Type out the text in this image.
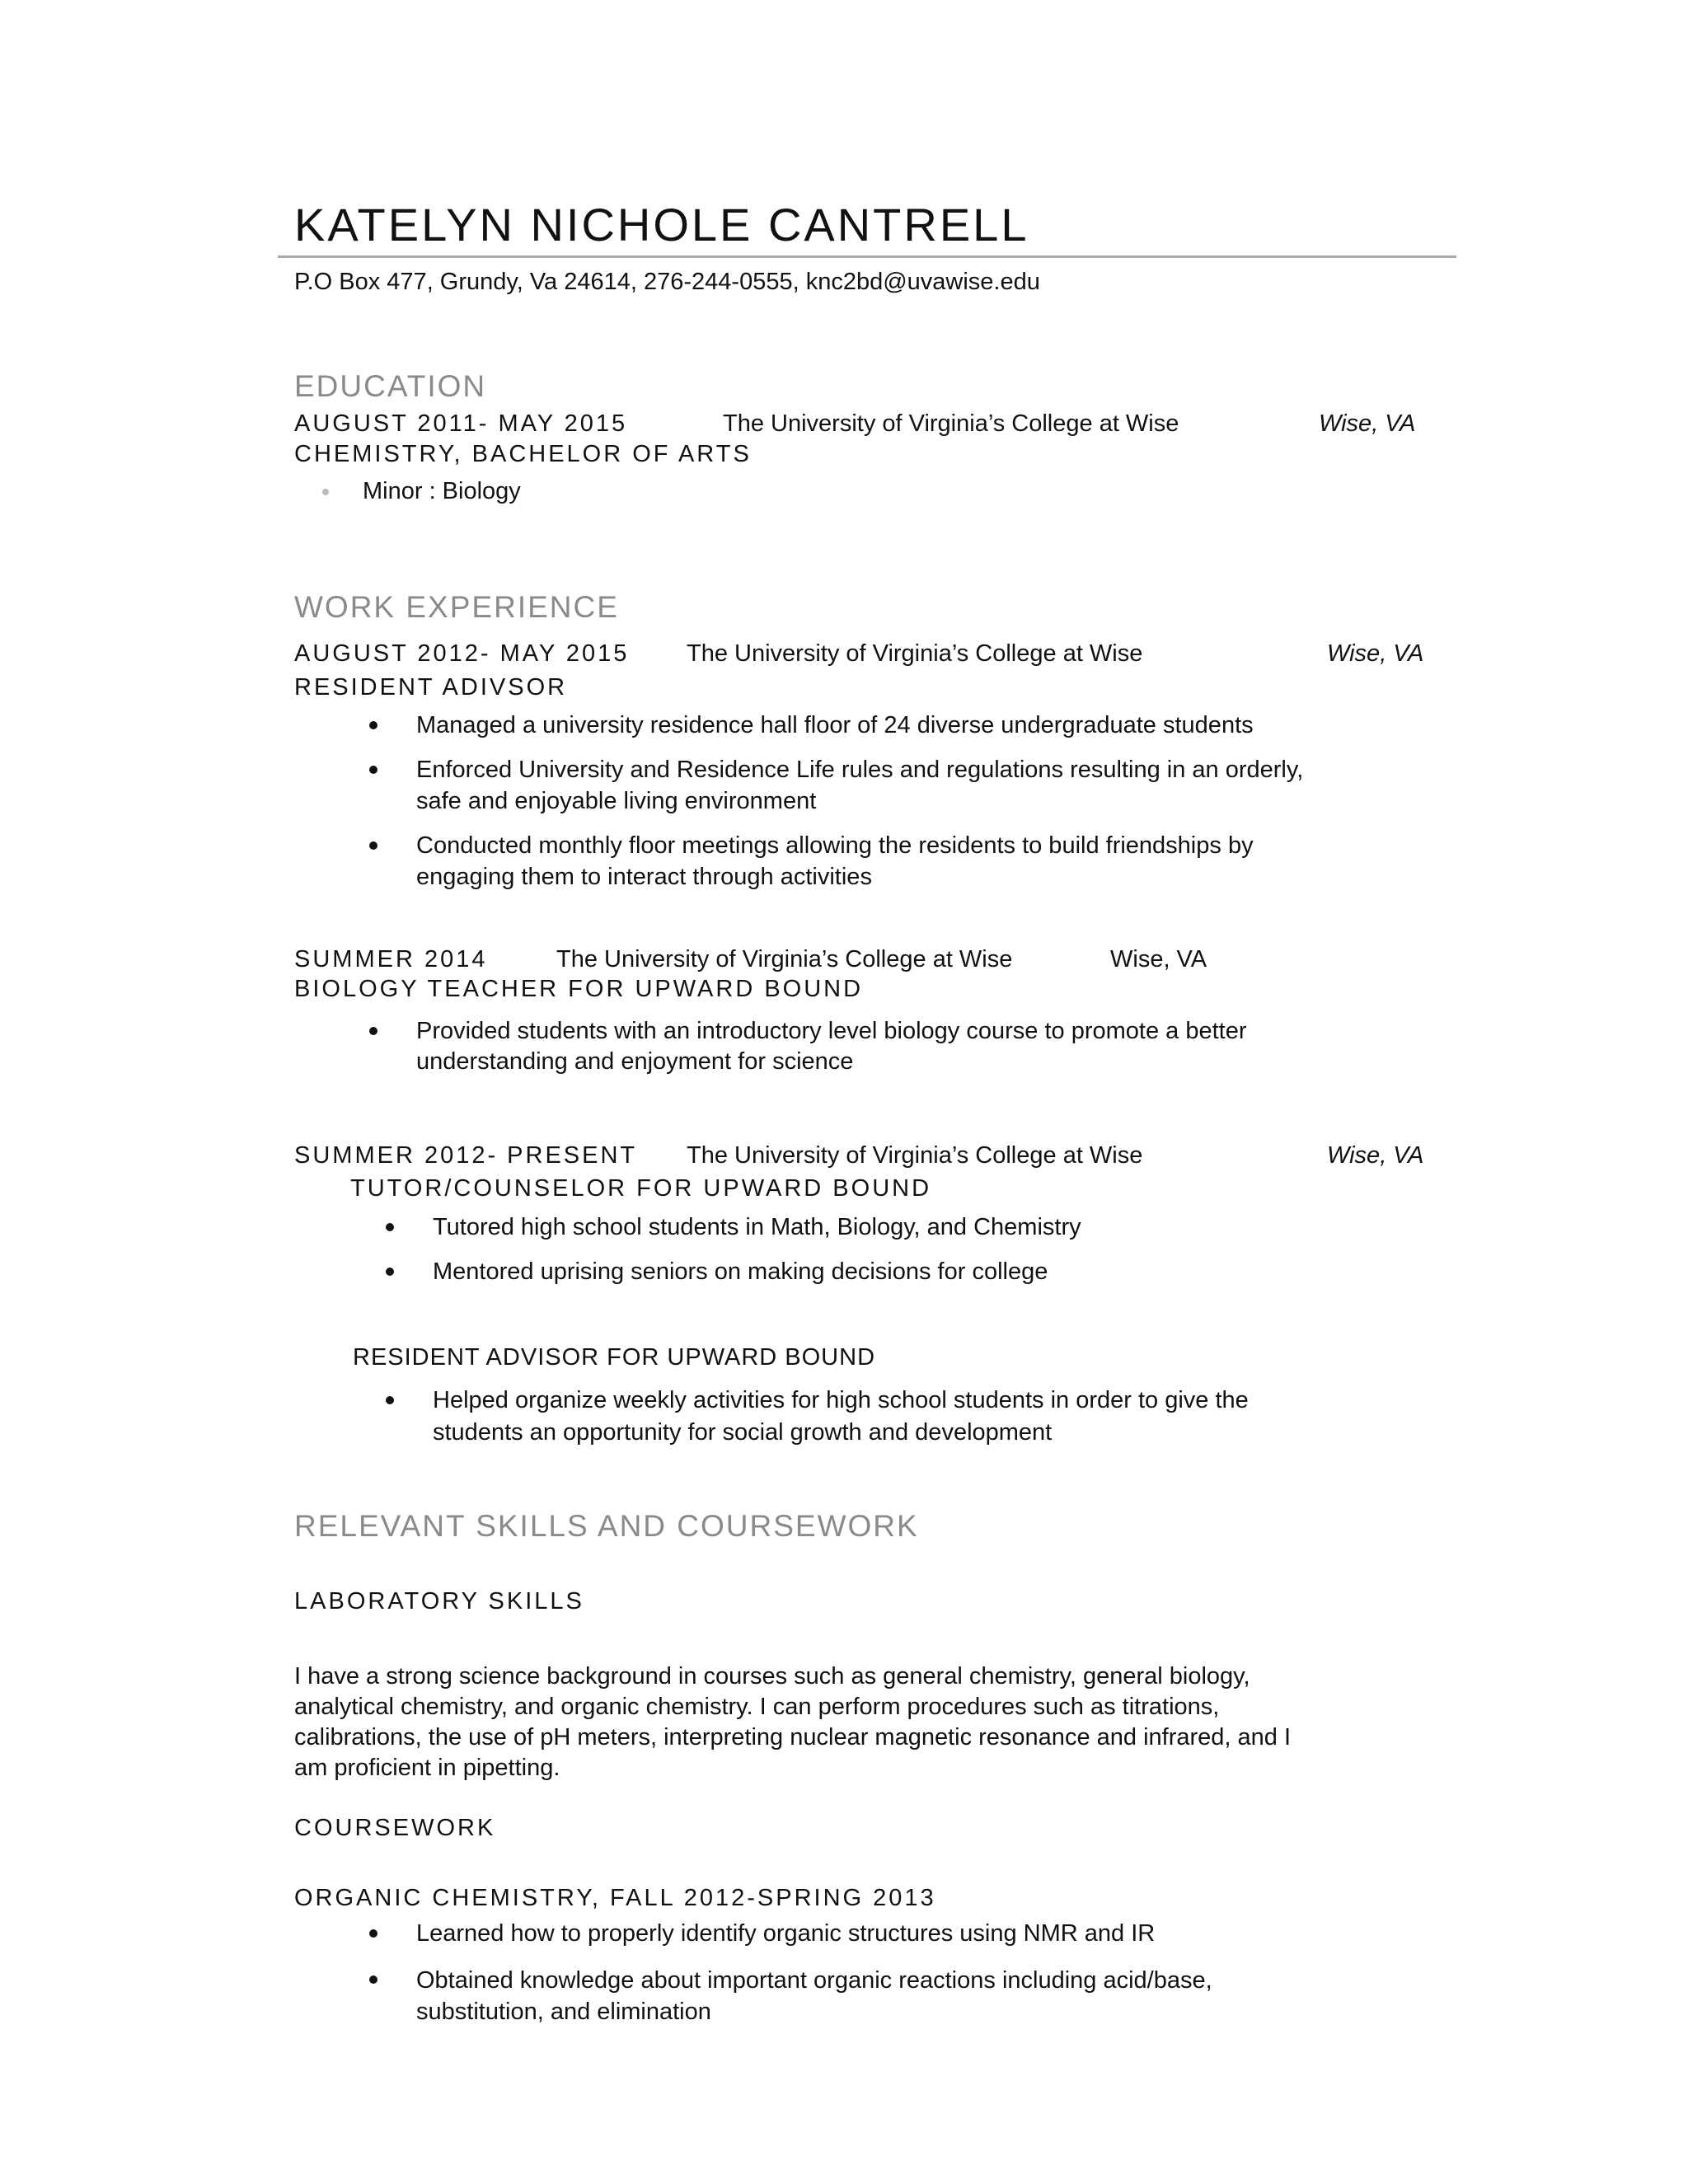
KATELYN NICHOLE CANTRELL
P.O Box 477, Grundy, Va 24614, 276-244-0555, knc2bd@uvawise.edu
EDUCATION
AUGUST 2011- MAY 2015	The University of Virginia’s College at Wise	Wise, VA
CHEMISTRY, BACHELOR OF ARTS
Minor : Biology
WORK EXPERIENCE
AUGUST 2012- MAY 2015 The University of Virginia’s College at Wise	Wise, VA
RESIDENT ADIVSOR
Managed a university residence hall floor of 24 diverse undergraduate students
Enforced University and Residence Life rules and regulations resulting in an orderly,
safe and enjoyable living environment
Conducted monthly floor meetings allowing the residents to build friendships by
engaging them to interact through activities
SUMMER 2014	The University of Virginia’s College at Wise	Wise, VA
BIOLOGY TEACHER FOR UPWARD BOUND
Provided students with an introductory level biology course to promote a better
understanding and enjoyment for science
SUMMER 2012- PRESENT The University of Virginia’s College at Wise	Wise, VA
TUTOR/COUNSELOR FOR UPWARD BOUND
Tutored high school students in Math, Biology, and Chemistry
Mentored uprising seniors on making decisions for college
RESIDENT ADVISOR FOR UPWARD BOUND
Helped organize weekly activities for high school students in order to give the
students an opportunity for social growth and development
RELEVANT SKILLS AND COURSEWORK
LABORATORY SKILLS
I have a strong science background in courses such as general chemistry, general biology,
analytical chemistry, and organic chemistry. I can perform procedures such as titrations,
calibrations, the use of pH meters, interpreting nuclear magnetic resonance and infrared, and I
am proficient in pipetting.
COURSEWORK
ORGANIC CHEMISTRY, FALL 2012-SPRING 2013
Learned how to properly identify organic structures using NMR and IR
Obtained knowledge about important organic reactions including acid/base,
substitution, and elimination
